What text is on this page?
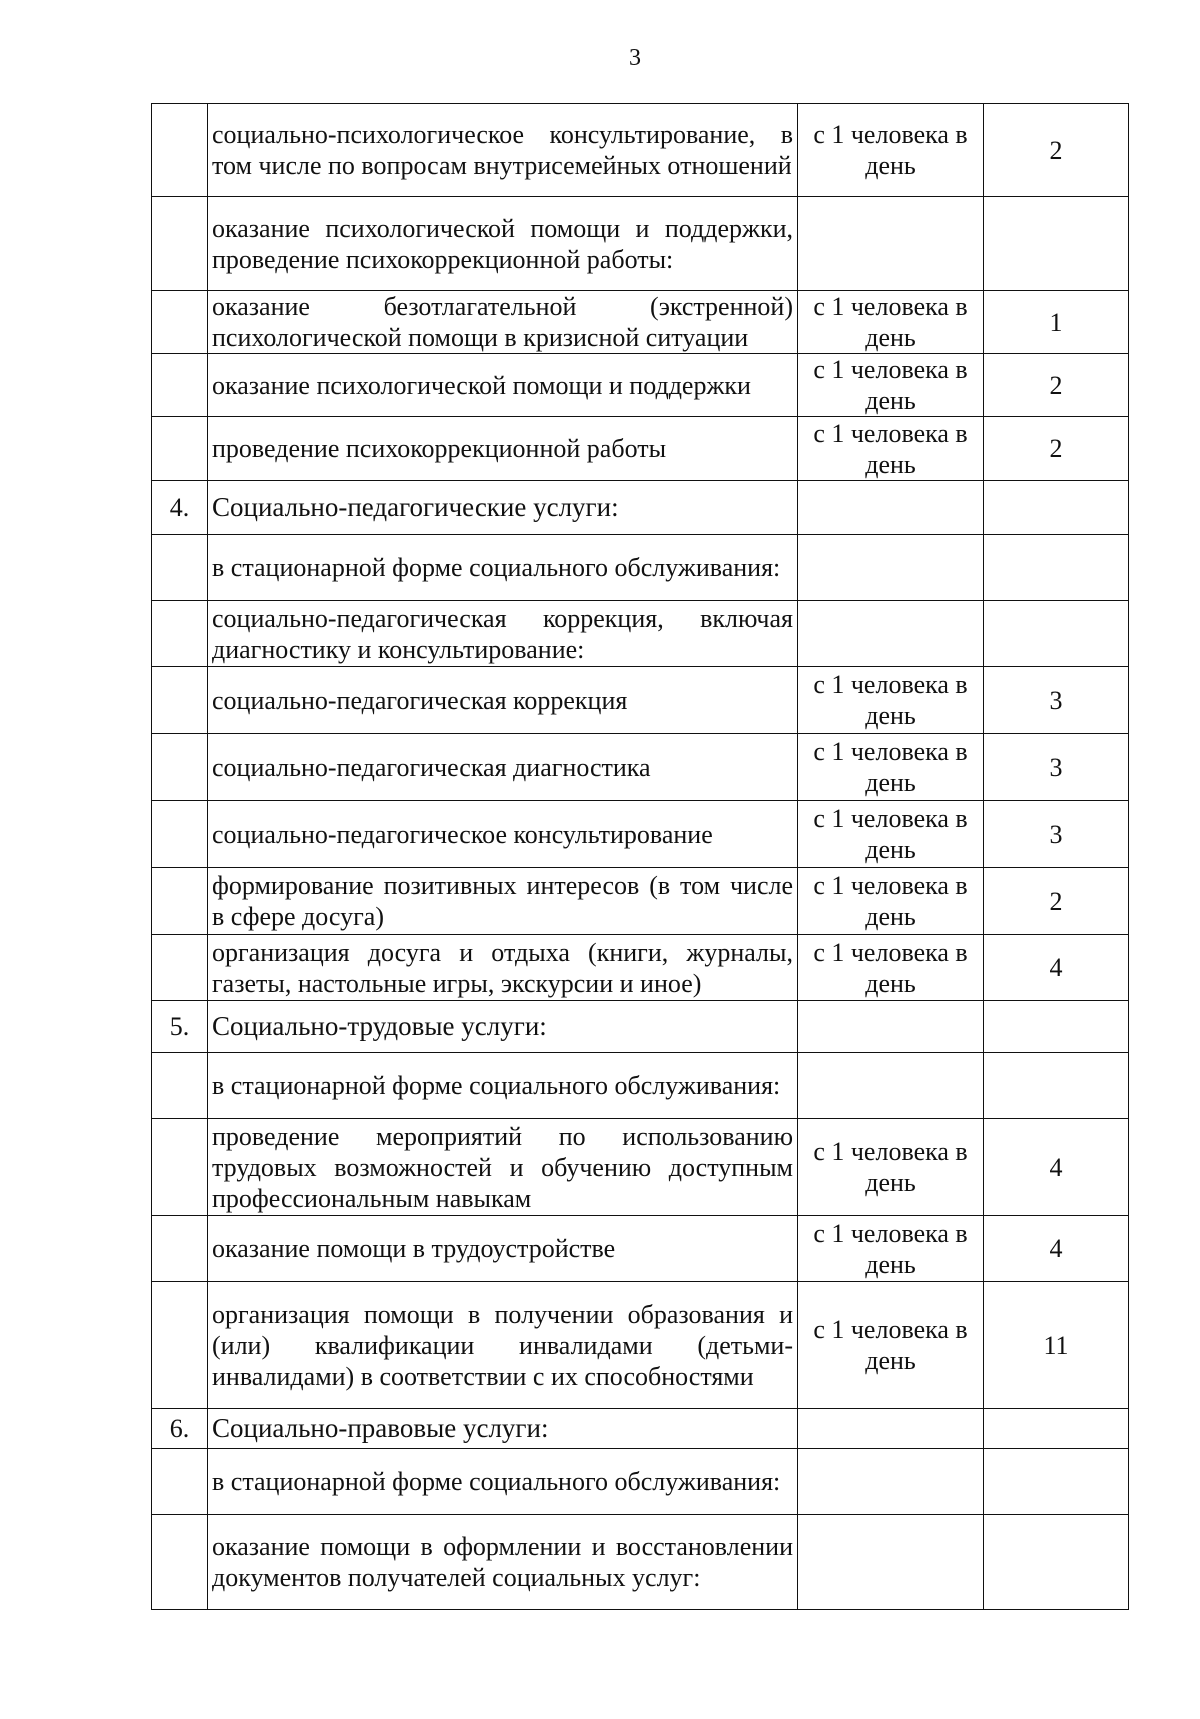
3
	социально-психологическое консультирование, в том числе по вопросам внутрисемейных отношений	с 1 человека в день	2
	оказание психологической помощи и поддержки, проведение психокоррекционной работы:		
	оказание безотлагательной (экстренной) психологической помощи в кризисной ситуации	с 1 человека в день	1
	оказание психологической помощи и поддержки	с 1 человека в день	2
	проведение психокоррекционной работы	с 1 человека в день	2
4.	Социально-педагогические услуги:		
	в стационарной форме социального обслуживания:		
	социально-педагогическая коррекция, включая диагностику и консультирование:		
	социально-педагогическая коррекция	с 1 человека в день	3
	социально-педагогическая диагностика	с 1 человека в день	3
	социально-педагогическое консультирование	с 1 человека в день	3
	формирование позитивных интересов (в том числе в сфере досуга)	с 1 человека в день	2
	организация досуга и отдыха (книги, журналы, газеты, настольные игры, экскурсии и иное)	с 1 человека в день	4
5.	Социально-трудовые услуги:		
	в стационарной форме социального обслуживания:		
	проведение мероприятий по использованию трудовых возможностей и обучению доступным профессиональным навыкам	с 1 человека в день	4
	оказание помощи в трудоустройстве	с 1 человека в день	4
	организация помощи в получении образования и (или) квалификации инвалидами (детьми-инвалидами) в соответствии с их способностями	с 1 человека в день	11
6.	Социально-правовые услуги:		
	в стационарной форме социального обслуживания:		
	оказание помощи в оформлении и восстановлении документов получателей социальных услуг:		
